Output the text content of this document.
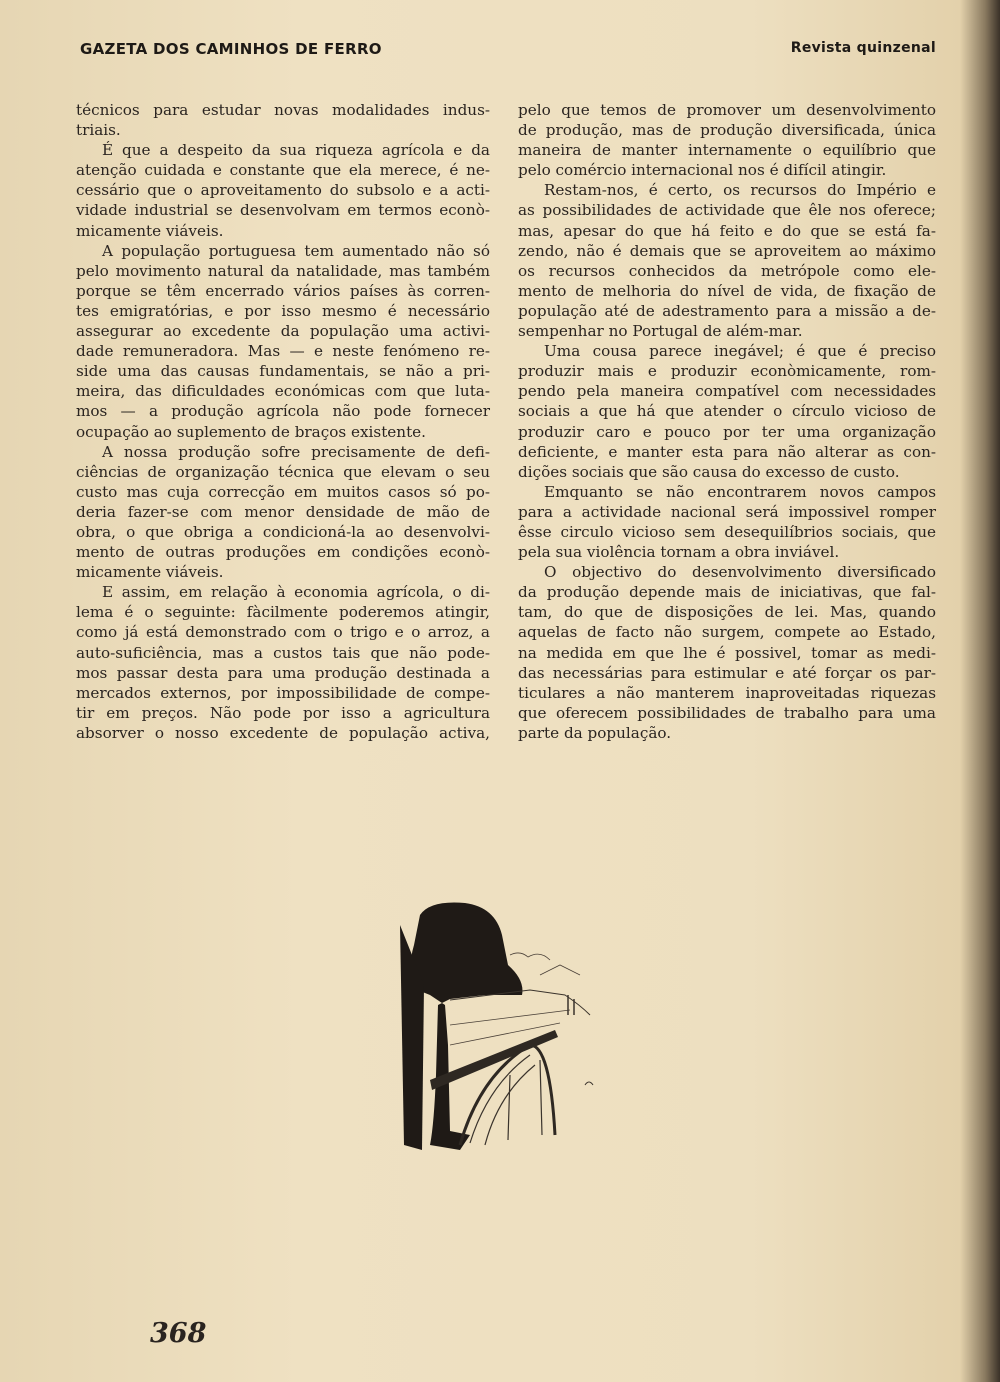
GAZETA DOS CAMINHOS DE FERRO	Revista quinzenal
técnicos para estudar novas modalidades indus-
triais.
É que a despeito da sua riqueza agrícola e da
atenção cuidada e constante que ela merece, é ne-
cessário que o aproveitamento do subsolo e a acti-
vidade industrial se desenvolvam em termos econò-
micamente viáveis.
A população portuguesa tem aumentado não só
pelo movimento natural da natalidade, mas também
porque se têm encerrado vários países às corren-
tes emigratórias, e por isso mesmo é necessário
assegurar ao excedente da população uma activi-
dade remuneradora. Mas — e neste fenómeno re-
side uma das causas fundamentais, se não a pri-
meira, das dificuldades económicas com que luta-
mos — a produção agrícola não pode fornecer
ocupação ao suplemento de braços existente.
A nossa produção sofre precisamente de defi-
ciências de organização técnica que elevam o seu
custo mas cuja correcção em muitos casos só po-
deria fazer-se com menor densidade de mão de
obra, o que obriga a condicioná-la ao desenvolvi-
mento de outras produções em condições econò-
micamente viáveis.
E assim, em relação à economia agrícola, o di-
lema é o seguinte: fàcilmente poderemos atingir,
como já está demonstrado com o trigo e o arroz, a
auto-suficiência, mas a custos tais que não pode-
mos passar desta para uma produção destinada a
mercados externos, por impossibilidade de compe-
tir em preços. Não pode por isso a agricultura
absorver o nosso excedente de população activa,
pelo que temos de promover um desenvolvimento
de produção, mas de produção diversificada, única
maneira de manter internamente o equilíbrio que
pelo comércio internacional nos é difícil atingir.
Restam-nos, é certo, os recursos do Império e
as possibilidades de actividade que êle nos oferece;
mas, apesar do que há feito e do que se está fa-
zendo, não é demais que se aproveitem ao máximo
os recursos conhecidos da metrópole como ele-
mento de melhoria do nível de vida, de fixação de
população até de adestramento para a missão a de-
sempenhar no Portugal de além-mar.
Uma cousa parece inegável; é que é preciso
produzir mais e produzir econòmicamente, rom-
pendo pela maneira compatível com necessidades
sociais a que há que atender o círculo vicioso de
produzir caro e pouco por ter uma organização
deficiente, e manter esta para não alterar as con-
dições sociais que são causa do excesso de custo.
Emquanto se não encontrarem novos campos
para a actividade nacional será impossivel romper
êsse circulo vicioso sem desequilíbrios sociais, que
pela sua violência tornam a obra inviável.
O objectivo do desenvolvimento diversificado
da produção depende mais de iniciativas, que fal-
tam, do que de disposições de lei. Mas, quando
aquelas de facto não surgem, compete ao Estado,
na medida em que lhe é possivel, tomar as medi-
das necessárias para estimular e até forçar os par-
ticulares a não manterem inaproveitadas riquezas
que oferecem possibilidades de trabalho para uma
parte da população.
368
